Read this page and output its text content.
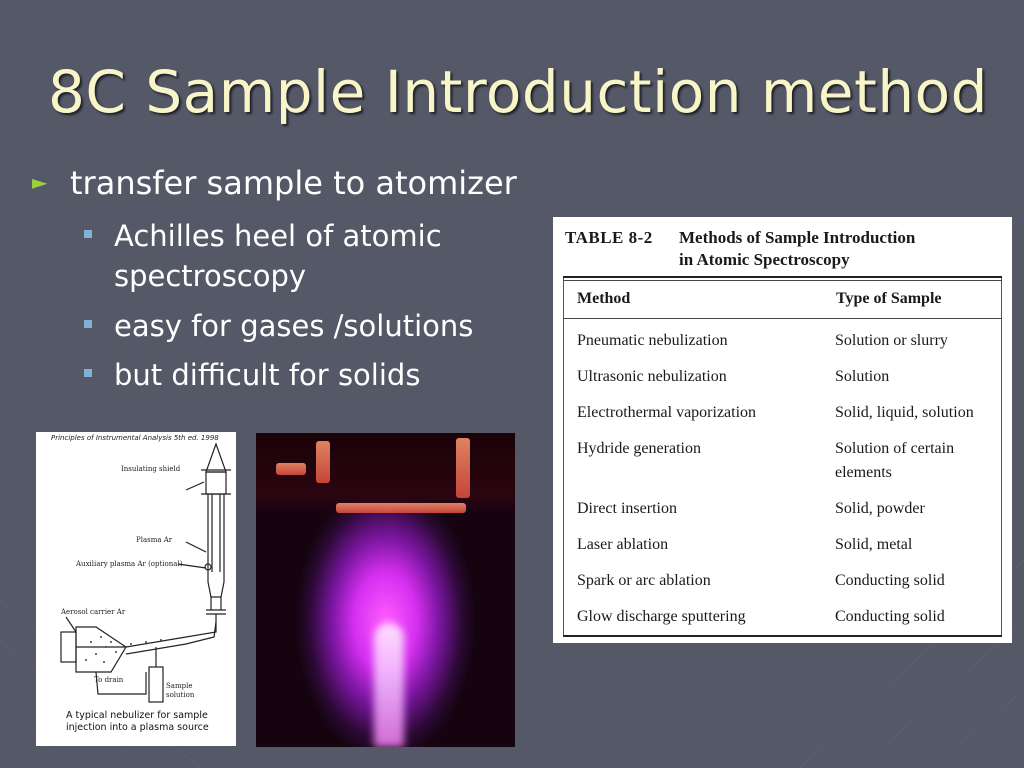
8C Sample Introduction method
► transfer sample to atomizer
Achilles heel of atomic spectroscopy
easy for gases /solutions
but difficult for solids
TABLE 8-2 Methods of Sample Introduction
in Atomic Spectroscopy
Method	Type of Sample
Pneumatic nebulization	Solution or slurry
Ultrasonic nebulization	Solution
Electrothermal vaporization	Solid, liquid, solution
Hydride generation	Solution of certain elements
Direct insertion	Solid, powder
Laser ablation	Solid, metal
Spark or arc ablation	Conducting solid
Glow discharge sputtering	Conducting solid
Principles of Instrumental Analysis 5th ed. 1998
Insulating shield
Plasma Ar
Auxiliary plasma Ar (optional)
Aerosol carrier Ar
To drain
Sample
solution
A typical nebulizer for sample
injection into a plasma source
